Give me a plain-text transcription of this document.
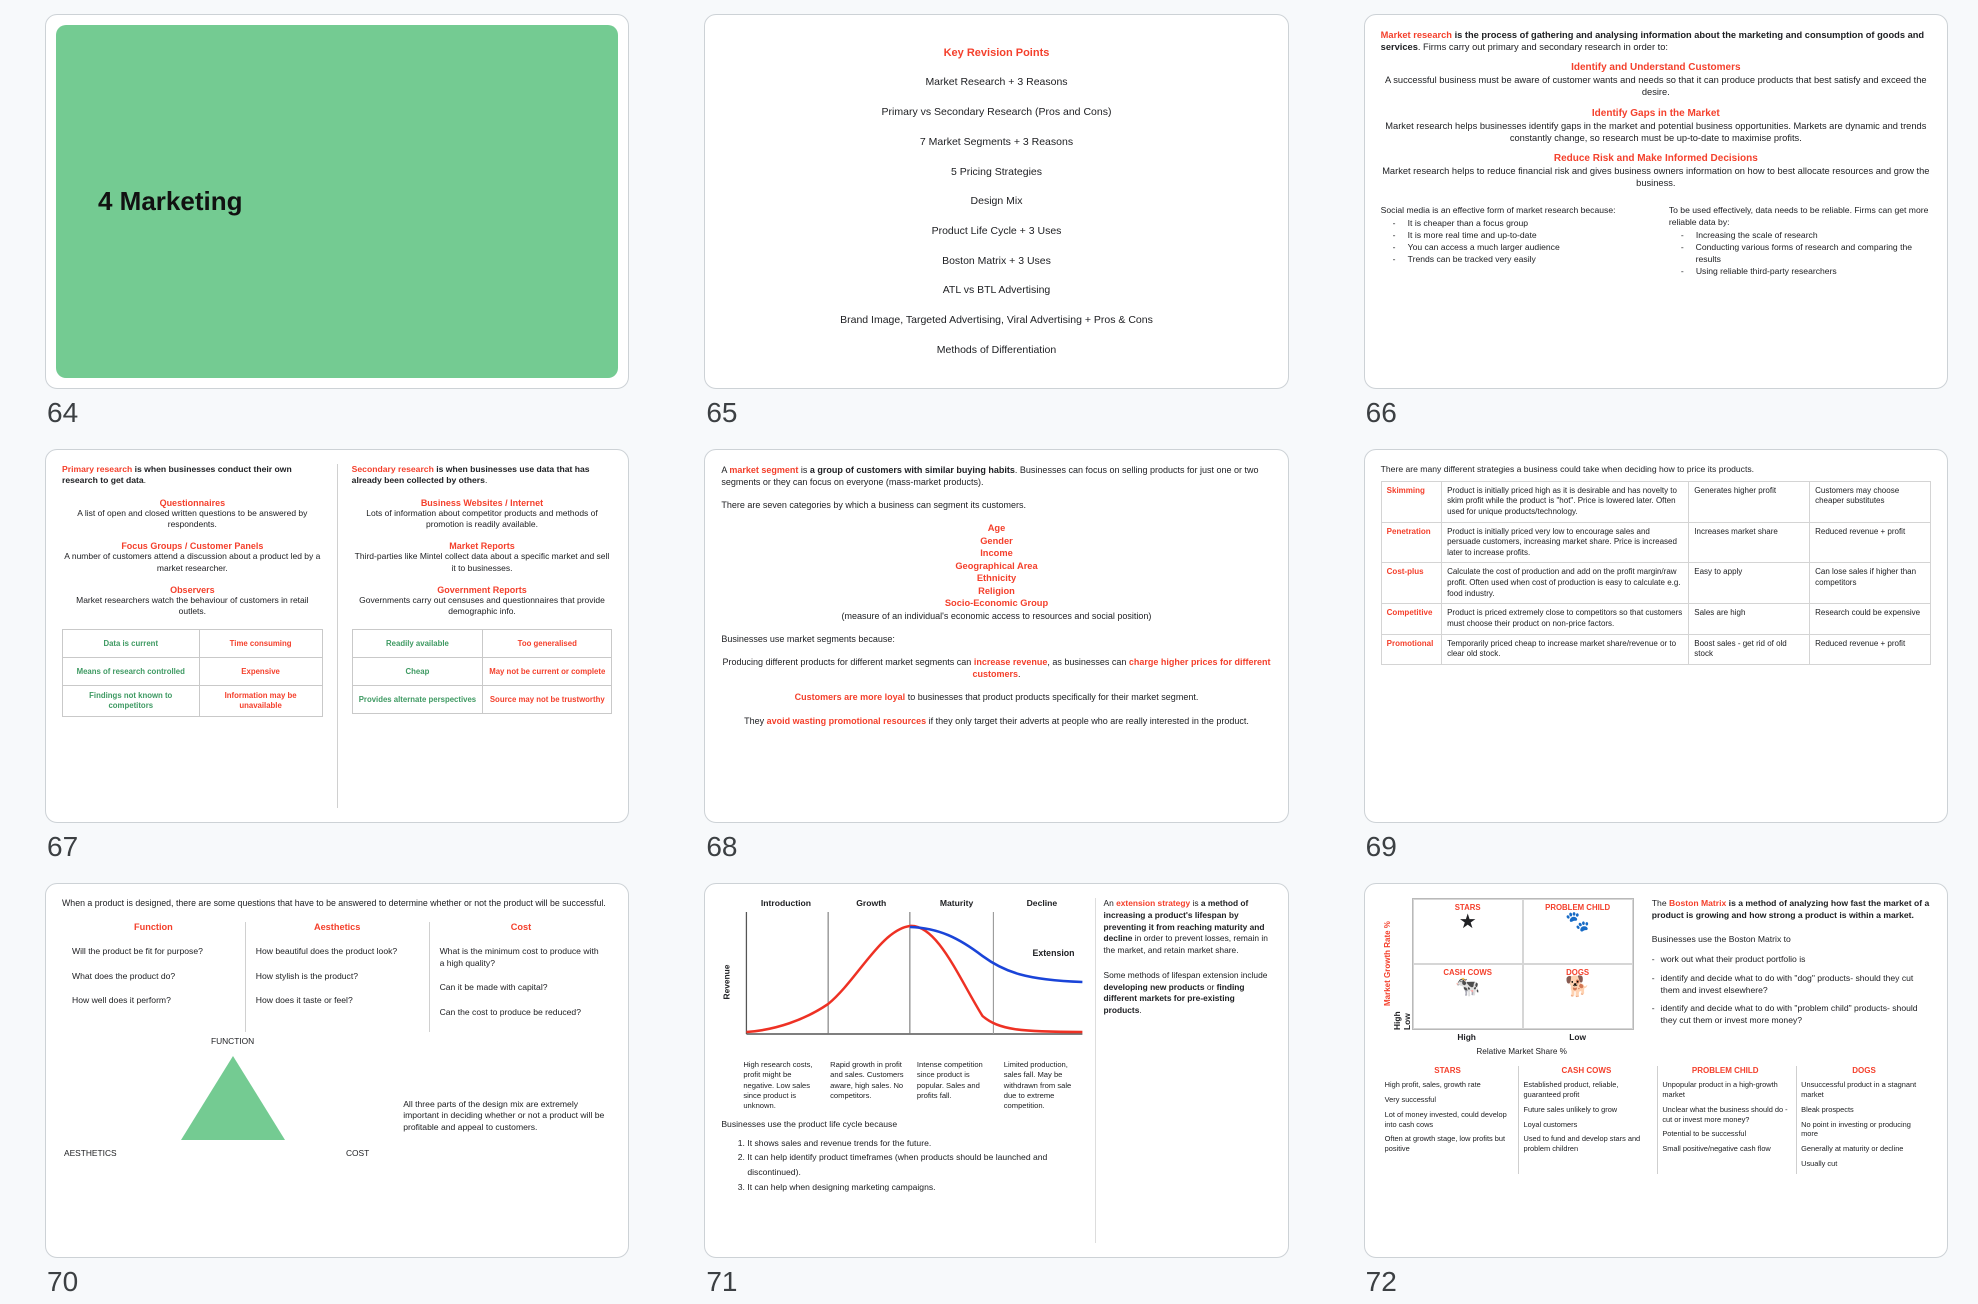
4 Marketing
64
Key Revision Points
Market Research + 3 Reasons
Primary vs Secondary Research (Pros and Cons)
7 Market Segments + 3 Reasons
5 Pricing Strategies
Design Mix
Product Life Cycle + 3 Uses
Boston Matrix + 3 Uses
ATL vs BTL Advertising
Brand Image, Targeted Advertising, Viral Advertising + Pros & Cons
Methods of Differentiation
65

Market research is the process of gathering and analysing information about the marketing and consumption of goods and services. Firms carry out primary and secondary research in order to:

Identify and Understand Customers
A successful business must be aware of customer wants and needs so that it can produce products that best satisfy and exceed the desire.
Identify Gaps in the Market
Market research helps businesses identify gaps in the market and potential business opportunities. Markets are dynamic and trends constantly change, so research must be up-to-date to maximise profits.
Reduce Risk and Make Informed Decisions
Market research helps to reduce financial risk and gives business owners information on how to best allocate resources and grow the business.
Social media is an effective form of market research because:
- It is cheaper than a focus group
- It is more real time and up-to-date
- You can access a much larger audience
- Trends can be tracked very easily
To be used effectively, data needs to be reliable. Firms can get more reliable data by:
- Increasing the scale of research
- Conducting various forms of research and comparing the results
- Using reliable third-party researchers
66
Primary research is when businesses conduct their own research to get data.
Questionnaires
A list of open and closed written questions to be answered by respondents.
Focus Groups / Customer Panels
A number of customers attend a discussion about a product led by a market researcher.
Observers
Market researchers watch the behaviour of customers in retail outlets.
Data is current	Time consuming
Means of research controlled	Expensive
Findings not known to competitors	Information may be unavailable
Secondary research is when businesses use data that has already been collected by others.
Business Websites / Internet
Lots of information about competitor products and methods of promotion is readily available.
Market Reports
Third-parties like Mintel collect data about a specific market and sell it to businesses.
Government Reports
Governments carry out censuses and questionnaires that provide demographic info.
Readily available	Too generalised
Cheap	May not be current or complete
Provides alternate perspectives	Source may not be trustworthy
67

A market segment is a group of customers with similar buying habits. Businesses can focus on selling products for just one or two segments or they can focus on everyone (mass-market products).

There are seven categories by which a business can segment its customers.

Age
Gender
Income
Geographical Area
Ethnicity
Religion
Socio-Economic Group
(measure of an individual's economic access to resources and social position)

Businesses use market segments because:

Producing different products for different market segments can increase revenue, as businesses can charge higher prices for different customers.

Customers are more loyal to businesses that product products specifically for their market segment.

They avoid wasting promotional resources if they only target their adverts at people who are really interested in the product.

68
There are many different strategies a business could take when deciding how to price its products.
Skimming	Product is initially priced high as it is desirable and has novelty to skim profit while the product is "hot". Price is lowered later. Often used for unique products/technology.	Generates higher profit	Customers may choose cheaper substitutes
Penetration	Product is initially priced very low to encourage sales and persuade customers, increasing market share. Price is increased later to increase profits.	Increases market share	Reduced revenue + profit
Cost-plus	Calculate the cost of production and add on the profit margin/raw profit. Often used when cost of production is easy to calculate e.g. food industry.	Easy to apply	Can lose sales if higher than competitors
Competitive	Product is priced extremely close to competitors so that customers must choose their product on non-price factors.	Sales are high	Research could be expensive
Promotional	Temporarily priced cheap to increase market share/revenue or to clear old stock.	Boost sales - get rid of old stock	Reduced revenue + profit
69
When a product is designed, there are some questions that have to be answered to determine whether or not the product will be successful.
Function

Will the product be fit for purpose?

What does the product do?

How well does it perform?

Aesthetics

How beautiful does the product look?

How stylish is the product?

How does it taste or feel?

Cost

What is the minimum cost to produce with a high quality?

Can it be made with capital?

Can the cost to produce be reduced?

FUNCTION
AESTHETICS	COST
All three parts of the design mix are extremely important in deciding whether or not a product will be profitable and appeal to customers.
70
Introduction	Growth	Maturity	Decline
Revenue
Extension
High research costs, profit might be negative. Low sales since product is unknown.
Rapid growth in profit and sales. Customers aware, high sales. No competitors.
Intense competition since product is popular. Sales and profits fall.
Limited production, sales fall. May be withdrawn from sale due to extreme competition.
Businesses use the product life cycle because
1. It shows sales and revenue trends for the future.
2. It can help identify product timeframes (when products should be launched and discontinued).
3. It can help when designing marketing campaigns.

An extension strategy is a method of increasing a product's lifespan by preventing it from reaching maturity and decline in order to prevent losses, remain in the market, and retain market share.

Some methods of lifespan extension include developing new products or finding different markets for pre-existing products.

71
Market Growth Rate %
High Low
STARS
★
PROBLEM CHILD
🐾
CASH COWS
🐄
DOGS
🐕
High	Low
Relative Market Share %

The Boston Matrix is a method of analyzing how fast the market of a product is growing and how strong a product is within a market.

Businesses use the Boston Matrix to

- work out what their product portfolio is
- identify and decide what to do with "dog" products- should they cut them and invest elsewhere?
- identify and decide what to do with "problem child" products- should they cut them or invest more money?
STARS

High profit, sales, growth rate

Very successful

Lot of money invested, could develop into cash cows

Often at growth stage, low profits but positive

CASH COWS

Established product, reliable, guaranteed profit

Future sales unlikely to grow

Loyal customers

Used to fund and develop stars and problem children

PROBLEM CHILD

Unpopular product in a high-growth market

Unclear what the business should do - cut or invest more money?

Potential to be successful

Small positive/negative cash flow

DOGS

Unsuccessful product in a stagnant market

Bleak prospects

No point in investing or producing more

Generally at maturity or decline

Usually cut

72
